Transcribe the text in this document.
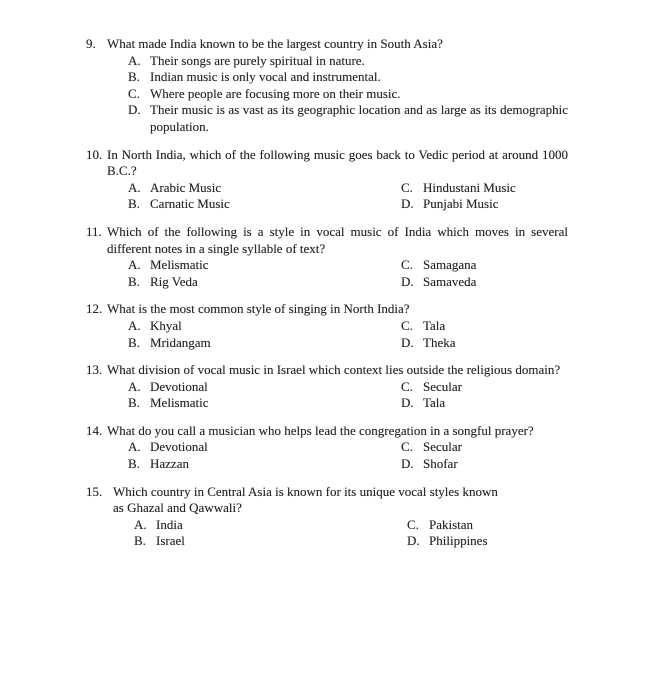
9. What made India known to be the largest country in South Asia?
A. Their songs are purely spiritual in nature.
B. Indian music is only vocal and instrumental.
C. Where people are focusing more on their music.
D. Their music is as vast as its geographic location and as large as its demographic population.
10. In North India, which of the following music goes back to Vedic period at around 1000 B.C.?
A. Arabic Music	C. Hindustani Music
B. Carnatic Music	D. Punjabi Music
11. Which of the following is a style in vocal music of India which moves in several different notes in a single syllable of text?
A. Melismatic	C. Samagana
B. Rig Veda	D. Samaveda
12. What is the most common style of singing in North India?
A. Khyal	C. Tala
B. Mridangam	D. Theka
13. What division of vocal music in Israel which context lies outside the religious domain?
A. Devotional	C. Secular
B. Melismatic	D. Tala
14. What do you call a musician who helps lead the congregation in a songful prayer?
A. Devotional	C. Secular
B. Hazzan	D. Shofar
15. Which country in Central Asia is known for its unique vocal styles known
as Ghazal and Qawwali?
A. India	C. Pakistan
B. Israel	D. Philippines
